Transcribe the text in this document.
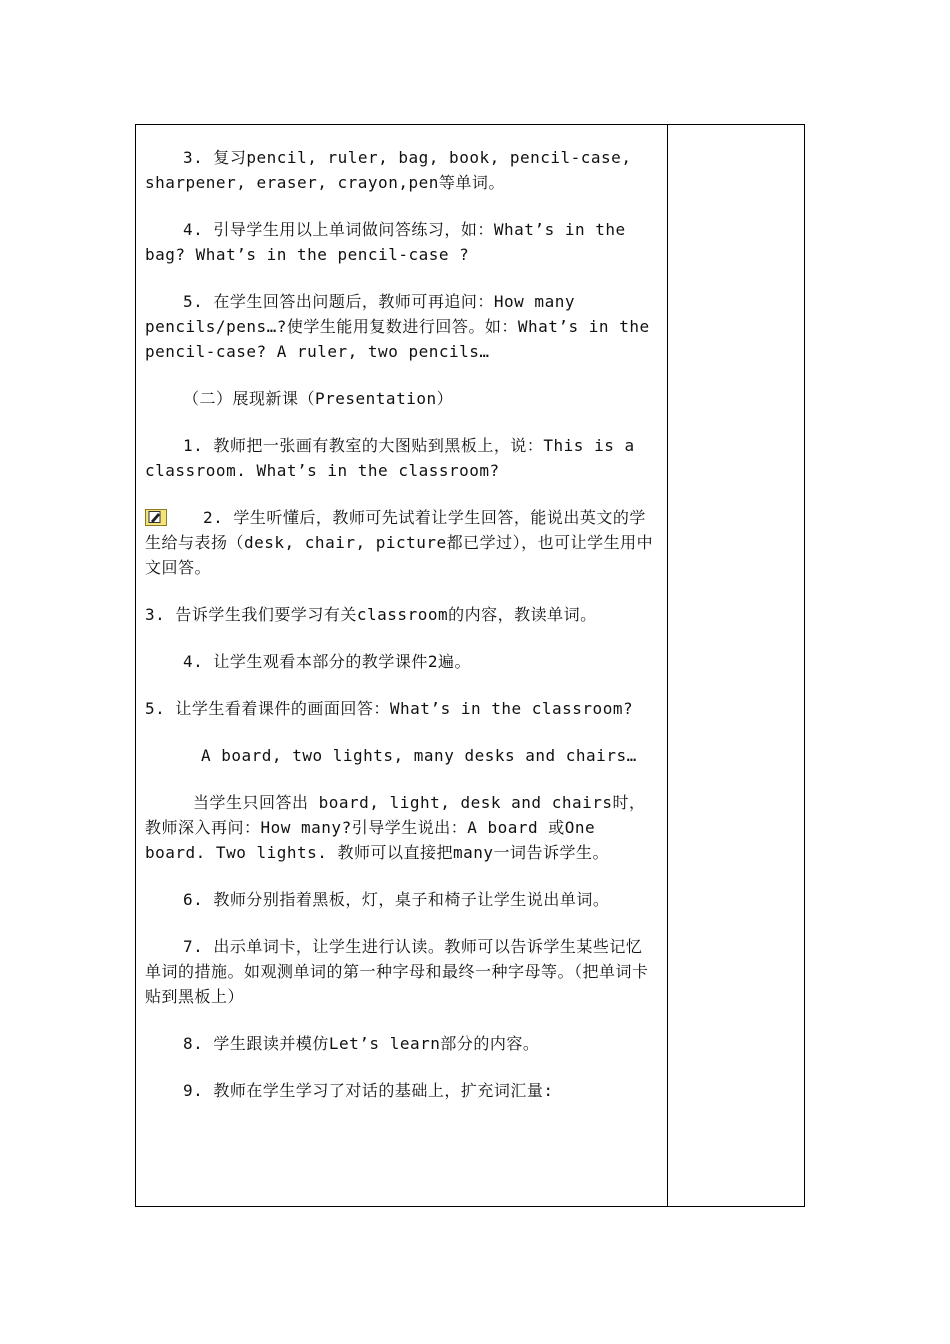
3. 复习pencil, ruler, bag, book, pencil-case, sharpener, eraser, crayon,pen等单词。

4. 引导学生用以上单词做问答练习，如：What’s in the bag? What’s in the pencil-case ?

5. 在学生回答出问题后，教师可再追问：How many pencils/pens…?使学生能用复数进行回答。如：What’s in the pencil-case? A ruler, two pencils…

（二）展现新课（Presentation）

1. 教师把一张画有教室的大图贴到黑板上，说：This is a classroom. What’s in the classroom?

2. 学生听懂后，教师可先试着让学生回答，能说出英文的学生给与表扬（desk, chair, picture都已学过），也可让学生用中文回答。

3. 告诉学生我们要学习有关classroom的内容，教读单词。

4. 让学生观看本部分的教学课件2遍。

5. 让学生看着课件的画面回答：What’s in the classroom?

A board, two lights, many desks and chairs…

当学生只回答出 board, light, desk and chairs时，教师深入再问：How many?引导学生说出：A board 或One board. Two lights. 教师可以直接把many一词告诉学生。

6. 教师分别指着黑板，灯，桌子和椅子让学生说出单词。

7. 出示单词卡，让学生进行认读。教师可以告诉学生某些记忆单词的措施。如观测单词的第一种字母和最终一种字母等。（把单词卡贴到黑板上）

8. 学生跟读并模仿Let’s learn部分的内容。

9. 教师在学生学习了对话的基础上，扩充词汇量:
